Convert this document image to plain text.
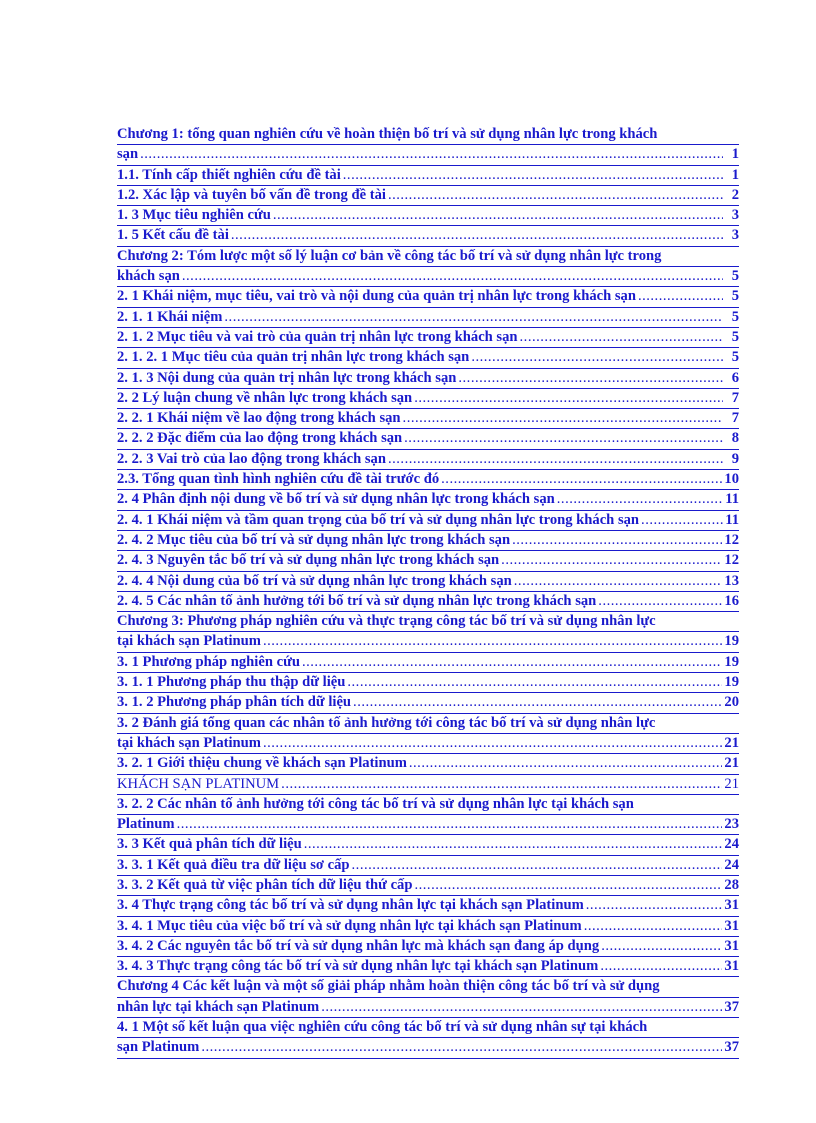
Chương 1: tổng quan nghiên cứu về hoàn thiện bố trí và sử dụng nhân lực trong khách
sạn .....	1
1.1. Tính cấp thiết nghiên cứu đề tài .....	1
1.2. Xác lập và tuyên bố vấn đề trong đề tài .....	2
1. 3 Mục tiêu nghiên cứu .....	3
1. 5 Kết cấu đề tài .....	3
Chương 2: Tóm lược một số lý luận cơ bản về công tác bố trí và sử dụng nhân lực trong
khách sạn .....	5
2. 1 Khái niệm, mục tiêu, vai trò và nội dung của quản trị nhân lực trong khách sạn .....	5
2. 1. 1 Khái niệm .....	5
2. 1. 2 Mục tiêu và vai trò của quản trị nhân lực trong khách sạn .....	5
2. 1. 2. 1 Mục tiêu của quản trị nhân lực trong khách sạn .....	5
2. 1. 3 Nội dung của quản trị nhân lực trong khách sạn .....	6
2. 2 Lý luận chung về nhân lực trong khách sạn .....	7
2. 2. 1 Khái niệm về lao động trong khách sạn .....	7
2. 2. 2 Đặc điểm của lao động trong khách sạn .....	8
2. 2. 3 Vai trò của lao động trong khách sạn .....	9
2.3. Tổng quan tình hình nghiên cứu đề tài trước đó .....	10
2. 4 Phân định nội dung về bố trí và sử dụng nhân lực trong khách sạn .....	11
2. 4. 1 Khái niệm và tầm quan trọng của bố trí và sử dụng nhân lực trong khách sạn .....	11
2. 4. 2 Mục tiêu của bố trí và sử dụng nhân lực trong khách sạn .....	12
2. 4. 3 Nguyên tắc bố trí và sử dụng nhân lực trong khách sạn .....	12
2. 4. 4 Nội dung của bố trí và sử dụng nhân lực trong khách sạn .....	13
2. 4. 5 Các nhân tố ảnh hưởng tới bố trí và sử dụng nhân lực trong khách sạn .....	16
Chương 3: Phương pháp nghiên cứu và thực trạng công tác bố trí và sử dụng nhân lực
tại khách sạn Platinum .....	19
3. 1 Phương pháp nghiên cứu .....	19
3. 1. 1 Phương pháp thu thập dữ liệu .....	19
3. 1. 2 Phương pháp phân tích dữ liệu .....	20
3. 2 Đánh giá tổng quan các nhân tố ảnh hưởng tới công tác bố trí và sử dụng nhân lực
tại khách sạn Platinum .....	21
3. 2. 1 Giới thiệu chung về khách sạn Platinum .....	21
KHÁCH SẠN PLATINUM .....	21
3. 2. 2 Các nhân tố ảnh hưởng tới công tác bố trí và sử dụng nhân lực tại khách sạn
Platinum .....	23
3. 3 Kết quả phân tích dữ liệu .....	24
3. 3. 1 Kết quả điều tra dữ liệu sơ cấp .....	24
3. 3. 2 Kết quả từ việc phân tích dữ liệu thứ cấp .....	28
3. 4 Thực trạng công tác bố trí và sử dụng nhân lực tại khách sạn Platinum .....	31
3. 4. 1 Mục tiêu của việc bố trí và sử dụng nhân lực tại khách sạn Platinum .....	31
3. 4. 2 Các nguyên tắc bố trí và sử dụng nhân lực mà khách sạn đang áp dụng .....	31
3. 4. 3 Thực trạng công tác bố trí và sử dụng nhân lực tại khách sạn Platinum .....	31
Chương 4 Các kết luận và một số giải pháp nhằm hoàn thiện công tác bố trí và sử dụng
nhân lực tại khách sạn Platinum .....	37
4. 1 Một số kết luận qua việc nghiên cứu công tác bố trí và sử dụng nhân sự tại khách
sạn Platinum .....	37
